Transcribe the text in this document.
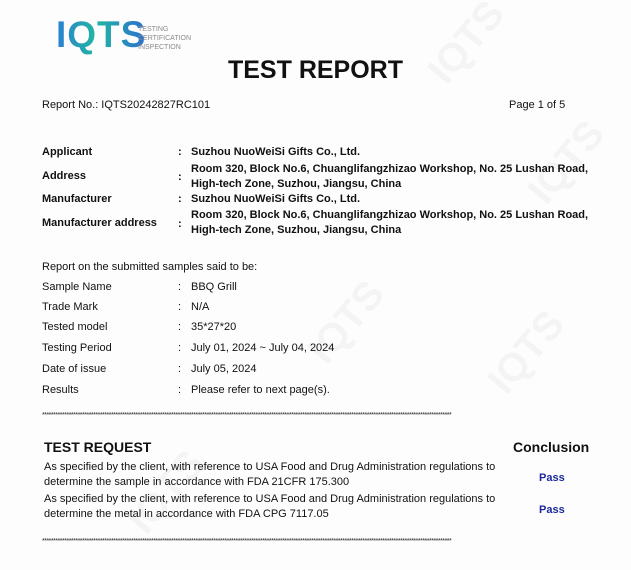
IQTS
TESTING
CERTIFICATION
INSPECTION
TEST REPORT
Report No.: IQTS20242827RC101	Page 1 of 5
Applicant	: Suzhou NuoWeiSi Gifts Co., Ltd.
Address	:
Room 320, Block No.6, Chuanglifangzhizao Workshop, No. 25 Lushan Road,
High-tech Zone, Suzhou, Jiangsu, China
Manufacturer	: Suzhou NuoWeiSi Gifts Co., Ltd.
Manufacturer address :
Room 320, Block No.6, Chuanglifangzhizao Workshop, No. 25 Lushan Road,
High-tech Zone, Suzhou, Jiangsu, China
Report on the submitted samples said to be:
Sample Name	: BBQ Grill
Trade Mark	: N/A
Tested model	: 35*27*20
Testing Period	: July 01, 2024 ~ July 04, 2024
Date of issue	: July 05, 2024
Results	: Please refer to next page(s).
****************************************************************************************************************************************************************************************
TEST REQUEST	Conclusion
As specified by the client, with reference to USA Food and Drug Administration regulations to
determine the sample in accordance with FDA 21CFR 175.300	Pass
As specified by the client, with reference to USA Food and Drug Administration regulations to
determine the metal in accordance with FDA CPG 7117.05	Pass
****************************************************************************************************************************************************************************************
